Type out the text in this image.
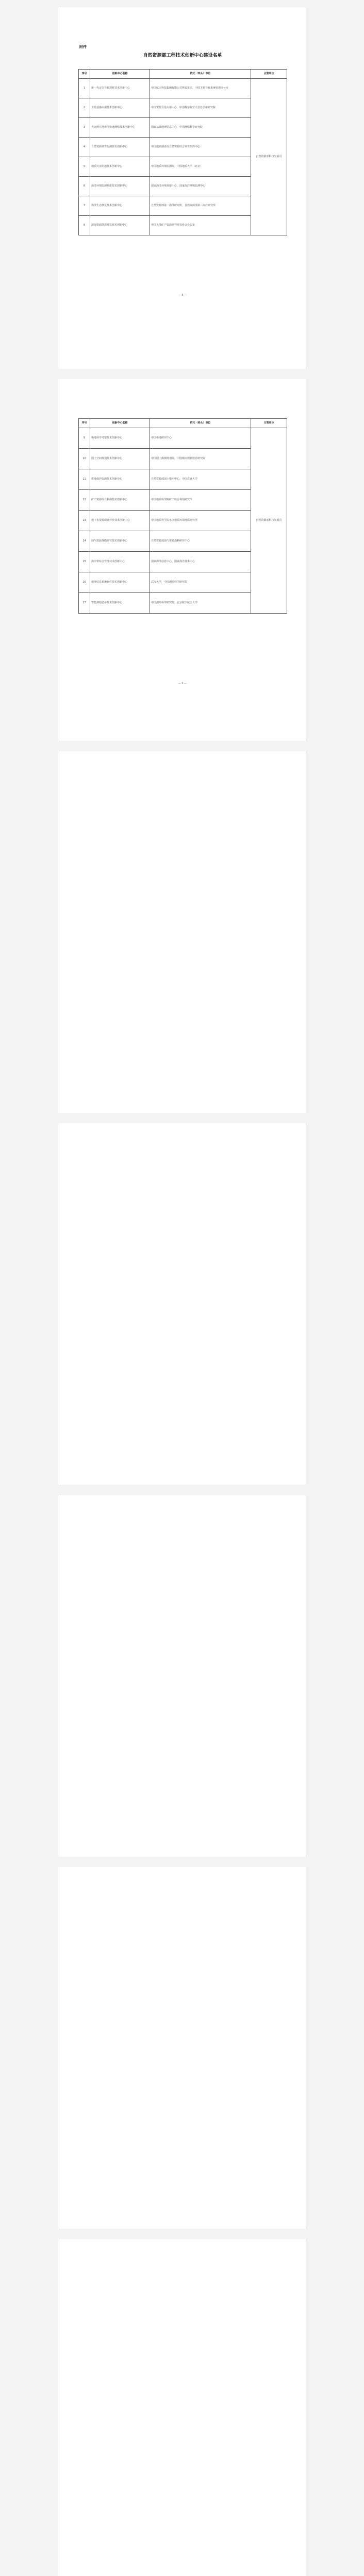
附件
自然资源部工程技术创新中心建设名单
序号	创新中心名称	依托（牵头）单位	主管单位
1	新一代定位导航授时技术创新中心	中国航天科技集团有限公司所属单位，中国卫星导航系统管理办公室	自然资源部科技发展司
2	卫星遥感应用技术创新中心	中国资源卫星应用中心，中国科学院空天信息创新研究院	
3	大比例尺地形图快速测绘技术创新中心	国家基础地理信息中心，中国测绘科学研究院	
4	自然资源调查监测技术创新中心	中国地质调查局自然资源综合调查指挥中心	
5	地质灾害防治技术创新中心	中国地质环境监测院，中国地质大学（北京）	
6	海洋环境监测预报技术创新中心	国家海洋环境预报中心，国家海洋环境监测中心	
7	海洋生态修复技术创新中心	自然资源部第一海洋研究所，自然资源部第三海洋研究所	
8	深海资源勘探开发技术创新中心	中国大洋矿产资源研究开发协会办公室	
— 5 —
序号	创新中心名称	依托（牵头）单位	主管单位
9	极地科学考察技术创新中心	中国极地研究中心	自然资源部科技发展司
10	国土空间规划技术创新中心	中国国土勘测规划院，中国城市规划设计研究院	
11	耕地保护监测技术创新中心	自然资源部国土整治中心，中国农业大学	
12	矿产资源综合利用技术创新中心	中国地质科学院矿产综合利用研究所	
13	地下水资源调查评价技术创新中心	中国地质科学院水文地质环境地质研究所	
14	油气资源战略研究技术创新中心	自然资源部油气资源战略研究中心	
15	海岸带综合管理技术创新中心	国家海洋信息中心，国家海洋技术中心	
16	地理信息系统软件技术创新中心	武汉大学，中国测绘科学研究院	
17	智能测绘装备技术创新中心	中国测绘科学研究院，北京航空航天大学	
— 6 —
